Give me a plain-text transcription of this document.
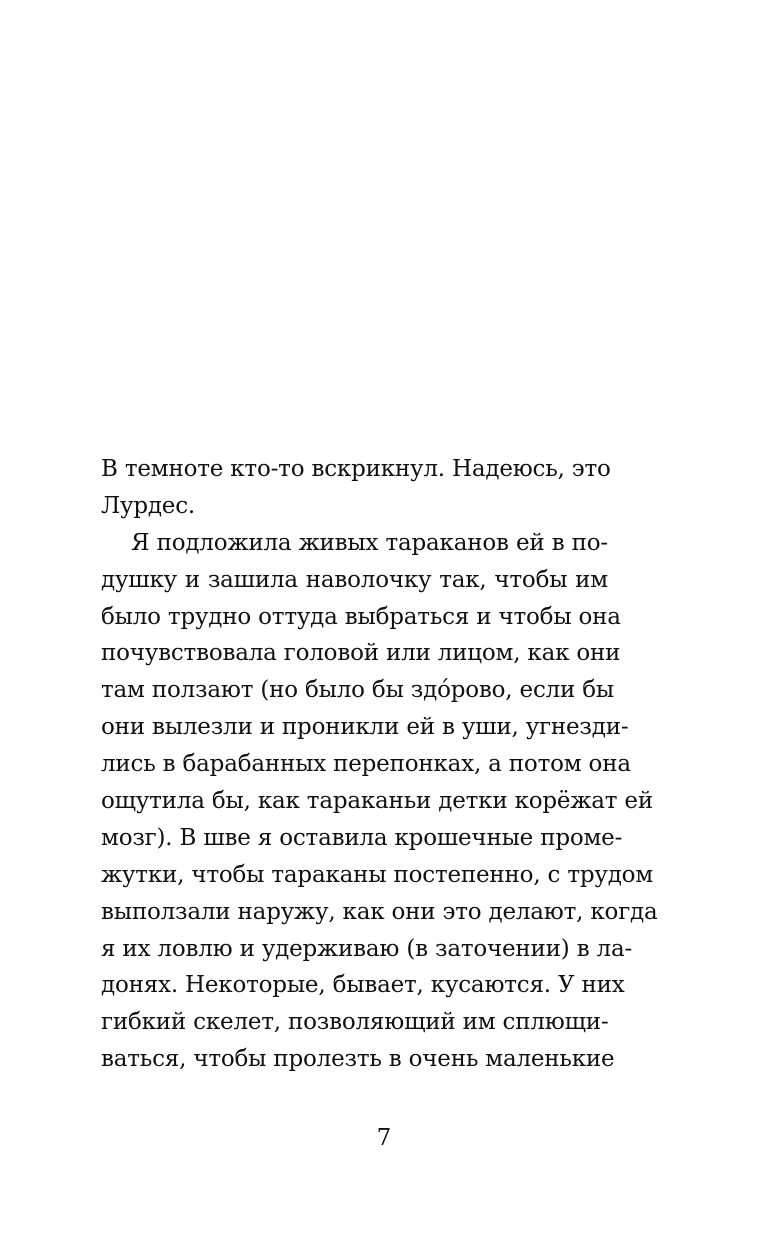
В темноте кто-то вскрикнул. Надеюсь, это
Лурдес.
Я подложила живых тараканов ей в по-
душку и зашила наволочку так, чтобы им
было трудно оттуда выбраться и чтобы она
почувствовала головой или лицом, как они
там ползают (но было бы здóрово, если бы
они вылезли и проникли ей в уши, угнезди-
лись в барабанных перепонках, а потом она
ощутила бы, как тараканьи детки корёжат ей
мозг). В шве я оставила крошечные проме-
жутки, чтобы тараканы постепенно, с трудом
выползали наружу, как они это делают, когда
я их ловлю и удерживаю (в заточении) в ла-
донях. Некоторые, бывает, кусаются. У них
гибкий скелет, позволяющий им сплющи-
ваться, чтобы пролезть в очень маленькие
7
